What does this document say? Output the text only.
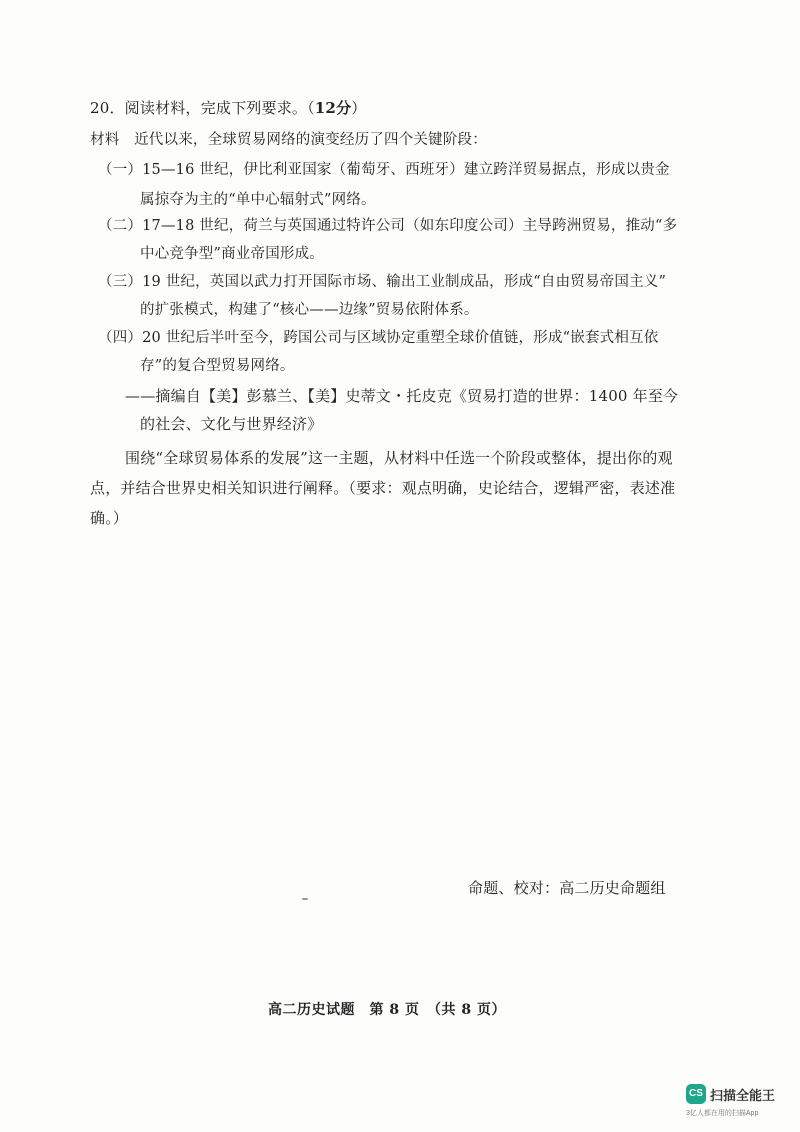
20．阅读材料，完成下列要求。（12分）
材料　近代以来，全球贸易网络的演变经历了四个关键阶段：
（一）15—16 世纪，伊比利亚国家（葡萄牙、西班牙）建立跨洋贸易据点，形成以贵金
属掠夺为主的“单中心辐射式”网络。
（二）17—18 世纪，荷兰与英国通过特许公司（如东印度公司）主导跨洲贸易，推动“多
中心竞争型”商业帝国形成。
（三）19 世纪，英国以武力打开国际市场、输出工业制成品，形成“自由贸易帝国主义”
的扩张模式，构建了“核心——边缘”贸易依附体系。
（四）20 世纪后半叶至今，跨国公司与区域协定重塑全球价值链，形成“嵌套式相互依
存”的复合型贸易网络。
——摘编自【美】彭慕兰、【美】史蒂文・托皮克《贸易打造的世界：1400 年至今
的社会、文化与世界经济》
围绕“全球贸易体系的发展”这一主题，从材料中任选一个阶段或整体，提出你的观
点，并结合世界史相关知识进行阐释。（要求：观点明确，史论结合，逻辑严密，表述准
确。）
命题、校对：高二历史命题组
高二历史试题　第 8 页　（共 8 页）
CS 扫描全能王
3亿人都在用的扫描App
